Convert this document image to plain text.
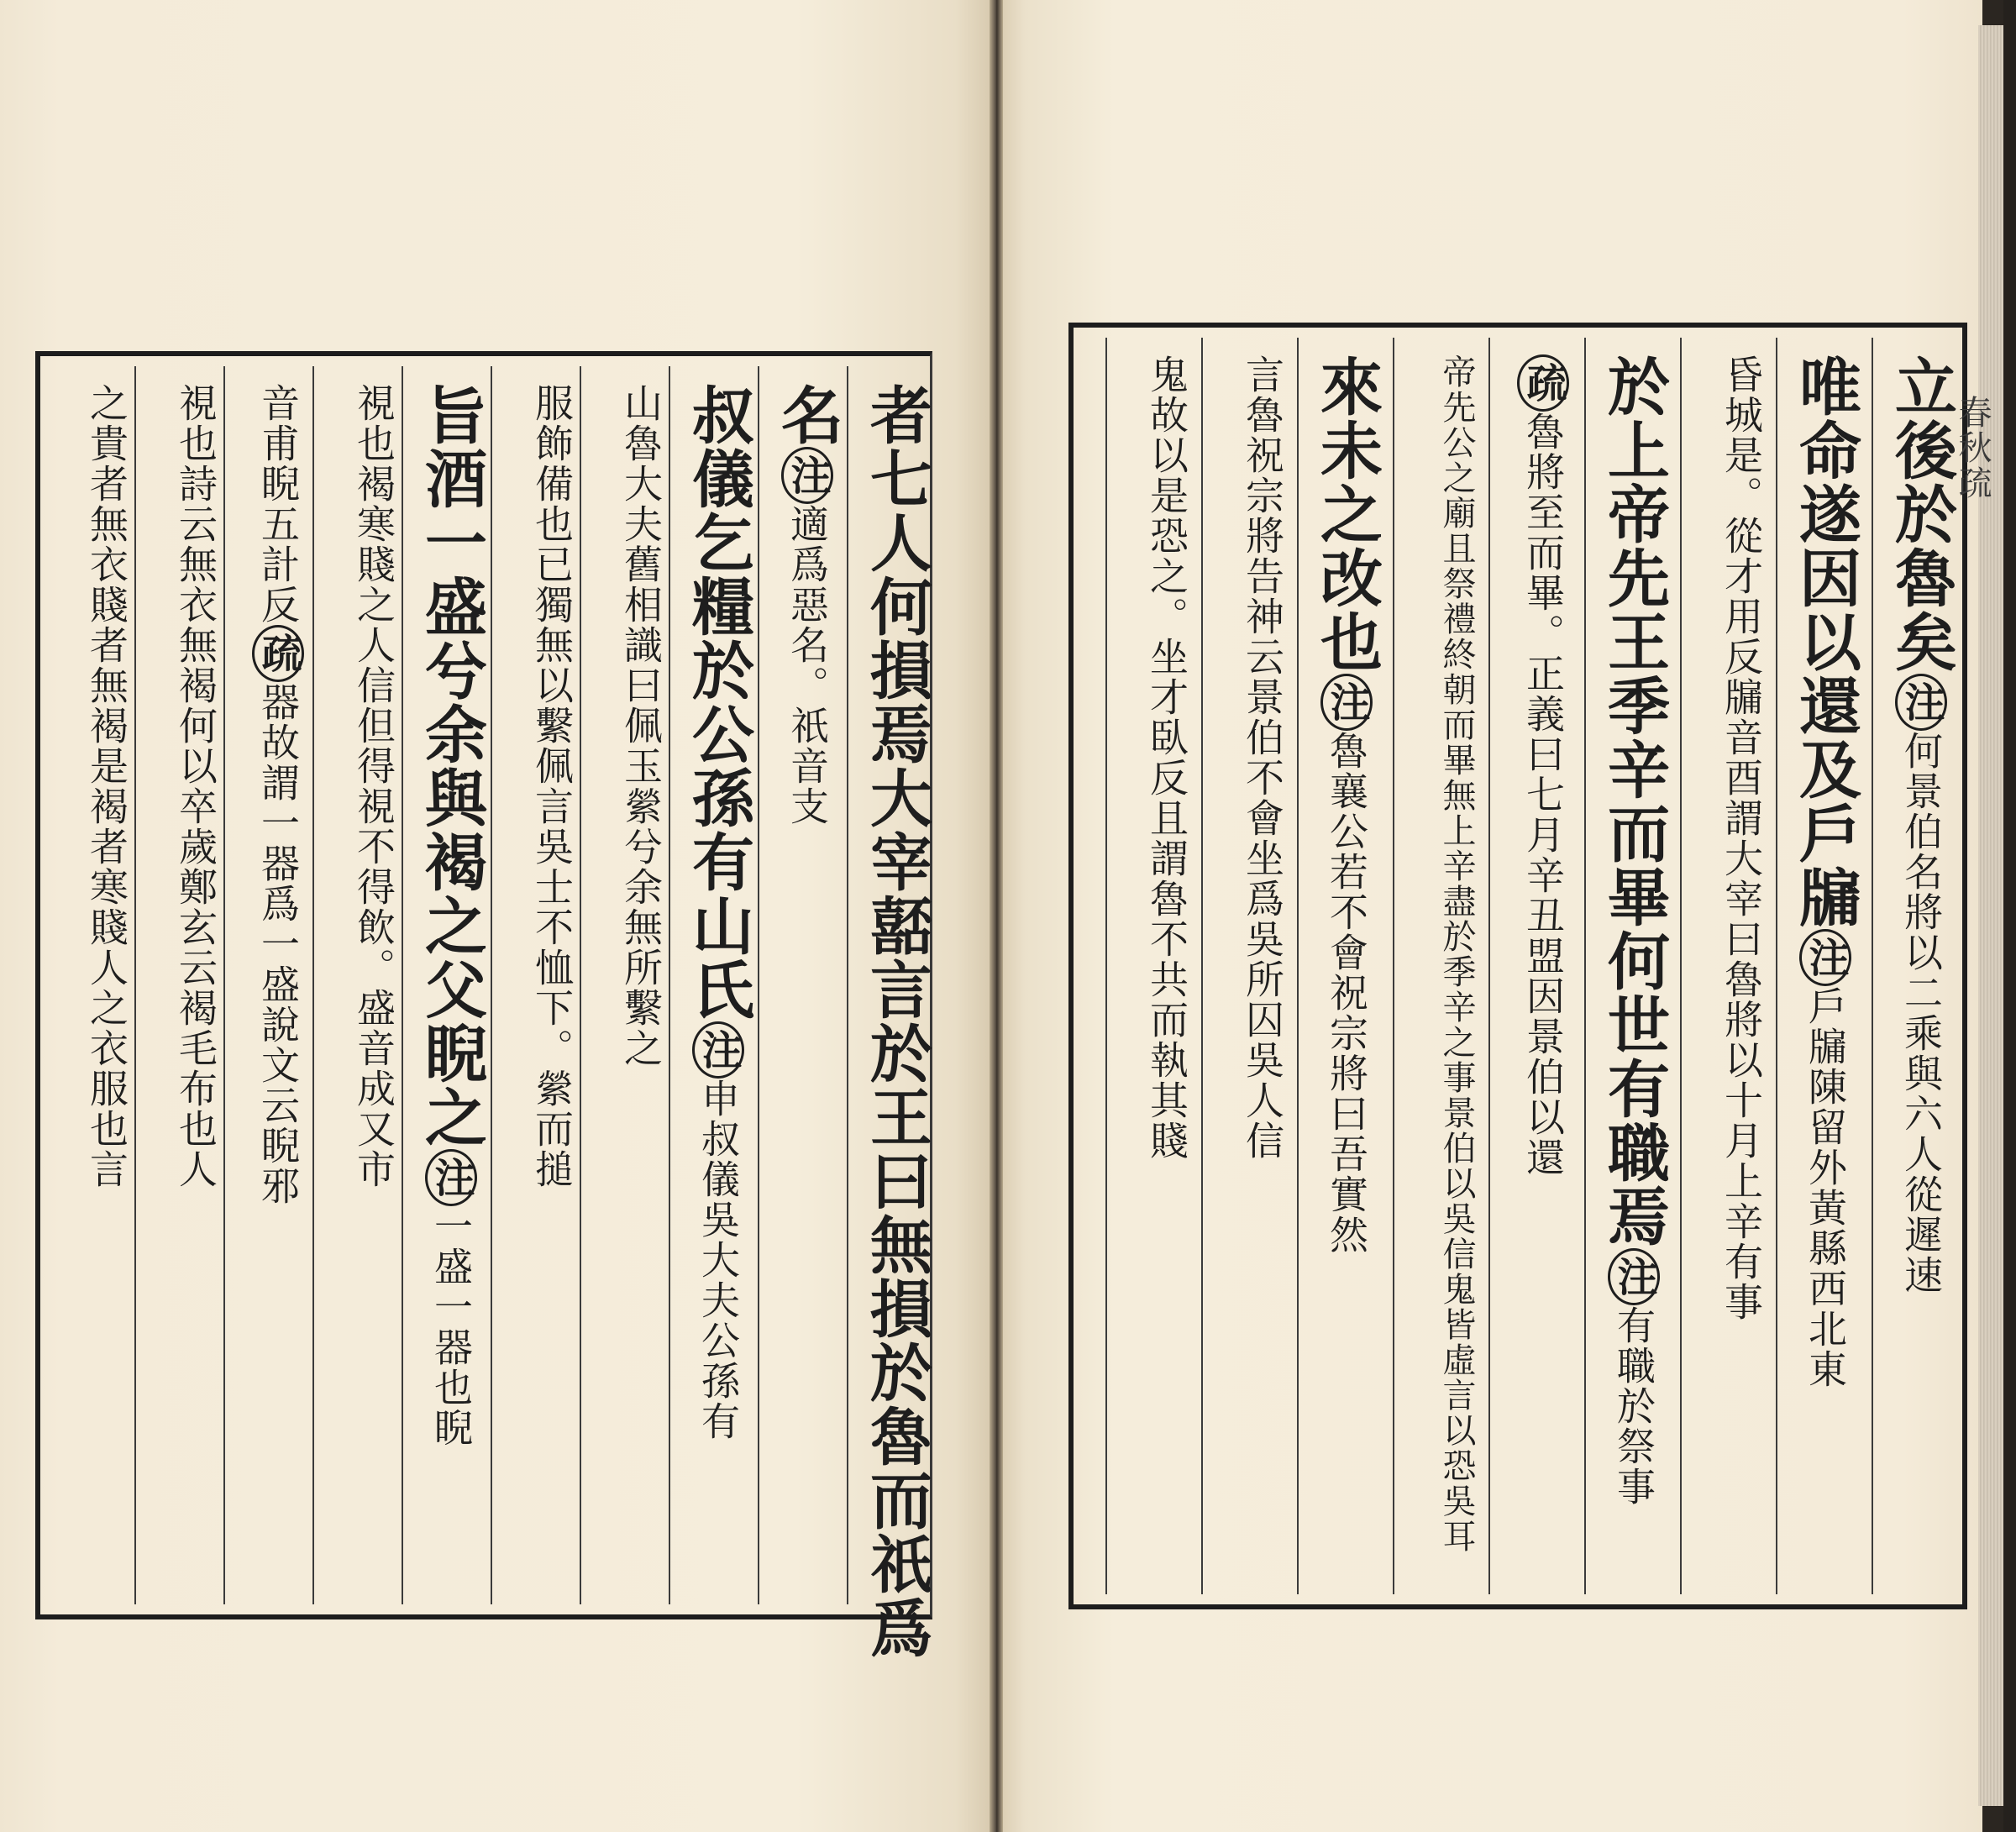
者七人何損焉大宰嚭言於王曰無損於魯而祇爲
名注適爲惡名。祇音支
叔儀乞糧於公孫有山氏注申叔儀吳大夫公孫有
山魯大夫舊相識曰佩玉縈兮余無所繫之
服飾備也已獨無以繫佩言吳士不恤下。縈而搥
旨酒一盛兮余與褐之父睨之注一盛一器也睨
視也褐寒賤之人信但得視不得飲。盛音成又市
音甫睨五計反疏器故謂一器爲一盛說文云睨邪
視也詩云無衣無褐何以卒歲鄭玄云褐毛布也人
之貴者無衣賤者無褐是褐者寒賤人之衣服也言	立後於魯矣注何景伯名將以二乘與六人從遲速
唯命遂因以還及戶牖注戶牖陳留外黃縣西北東
昏城是。從才用反牖音酉謂大宰曰魯將以十月上辛有事
於上帝先王季辛而畢何世有職焉注有職於祭事
疏魯將至而畢。正義曰七月辛丑盟因景伯以還
帝先公之廟且祭禮終朝而畢無上辛盡於季辛之事景伯以吳信鬼皆虛言以恐吳耳
來未之改也注魯襄公若不會祝宗將曰吾實然
言魯祝宗將告神云景伯不會坐爲吳所囚吳人信
鬼故以是恐之。坐才臥反且謂魯不共而執其賤	春秋疏
